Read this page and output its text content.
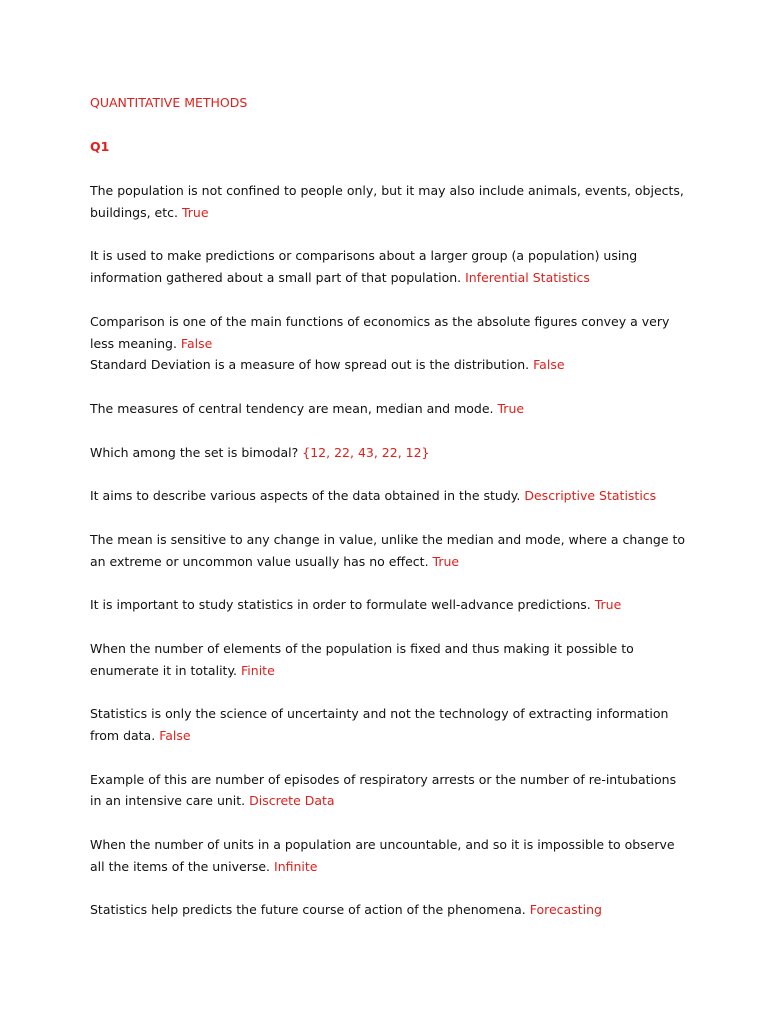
QUANTITATIVE METHODS
Q1
The population is not confined to people only, but it may also include animals, events, objects, buildings, etc. True
It is used to make predictions or comparisons about a larger group (a population) using information gathered about a small part of that population. Inferential Statistics
Comparison is one of the main functions of economics as the absolute figures convey a very less meaning. False
Standard Deviation is a measure of how spread out is the distribution. False
The measures of central tendency are mean, median and mode. True
Which among the set is bimodal? {12, 22, 43, 22, 12}
It aims to describe various aspects of the data obtained in the study. Descriptive Statistics
The mean is sensitive to any change in value, unlike the median and mode, where a change to an extreme or uncommon value usually has no effect. True
It is important to study statistics in order to formulate well-advance predictions. True
When the number of elements of the population is fixed and thus making it possible to enumerate it in totality. Finite
Statistics is only the science of uncertainty and not the technology of extracting information from data. False
Example of this are number of episodes of respiratory arrests or the number of re-intubations in an intensive care unit. Discrete Data
When the number of units in a population are uncountable, and so it is impossible to observe all the items of the universe. Infinite
Statistics help predicts the future course of action of the phenomena. Forecasting
